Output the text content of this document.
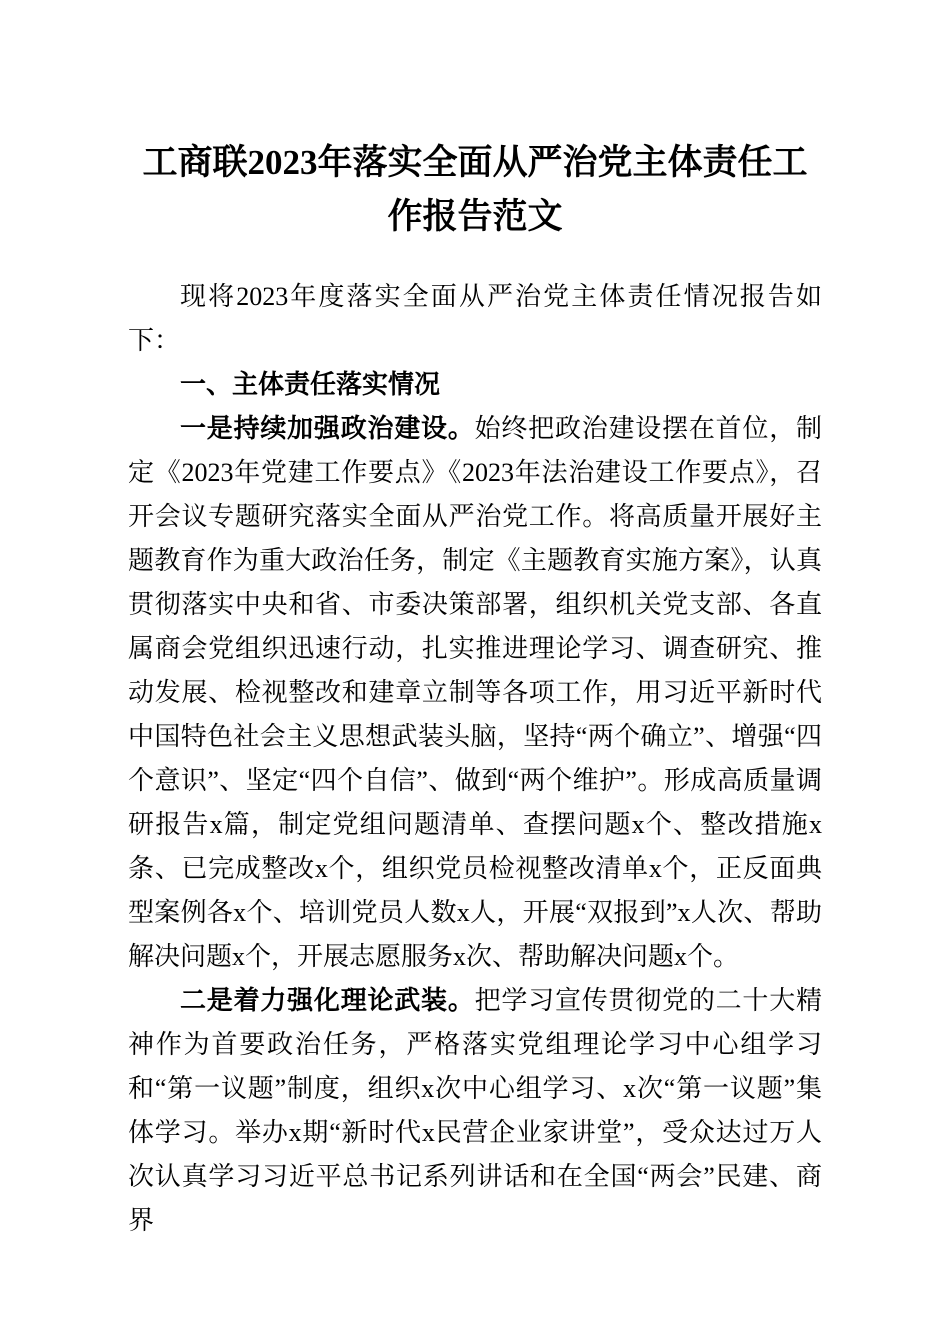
工商联2023年落实全面从严治党主体责任工作报告范文

现将2023年度落实全面从严治党主体责任情况报告如下：

一、主体责任落实情况

一是持续加强政治建设。始终把政治建设摆在首位，制定《2023年党建工作要点》《2023年法治建设工作要点》，召开会议专题研究落实全面从严治党工作。将高质量开展好主题教育作为重大政治任务，制定《主题教育实施方案》，认真贯彻落实中央和省、市委决策部署，组织机关党支部、各直属商会党组织迅速行动，扎实推进理论学习、调查研究、推动发展、检视整改和建章立制等各项工作，用习近平新时代中国特色社会主义思想武装头脑，坚持“两个确立”、增强“四个意识”、坚定“四个自信”、做到“两个维护”。形成高质量调研报告x篇，制定党组问题清单、查摆问题x个、整改措施x条、已完成整改x个，组织党员检视整改清单x个，正反面典型案例各x个、培训党员人数x人，开展“双报到”x人次、帮助解决问题x个，开展志愿服务x次、帮助解决问题x个。

二是着力强化理论武装。把学习宣传贯彻党的二十大精神作为首要政治任务，严格落实党组理论学习中心组学习和“第一议题”制度，组织x次中心组学习、x次“第一议题”集体学习。举办x期“新时代x民营企业家讲堂”，受众达过万人次认真学习习近平总书记系列讲话和在全国“两会”民建、商界
